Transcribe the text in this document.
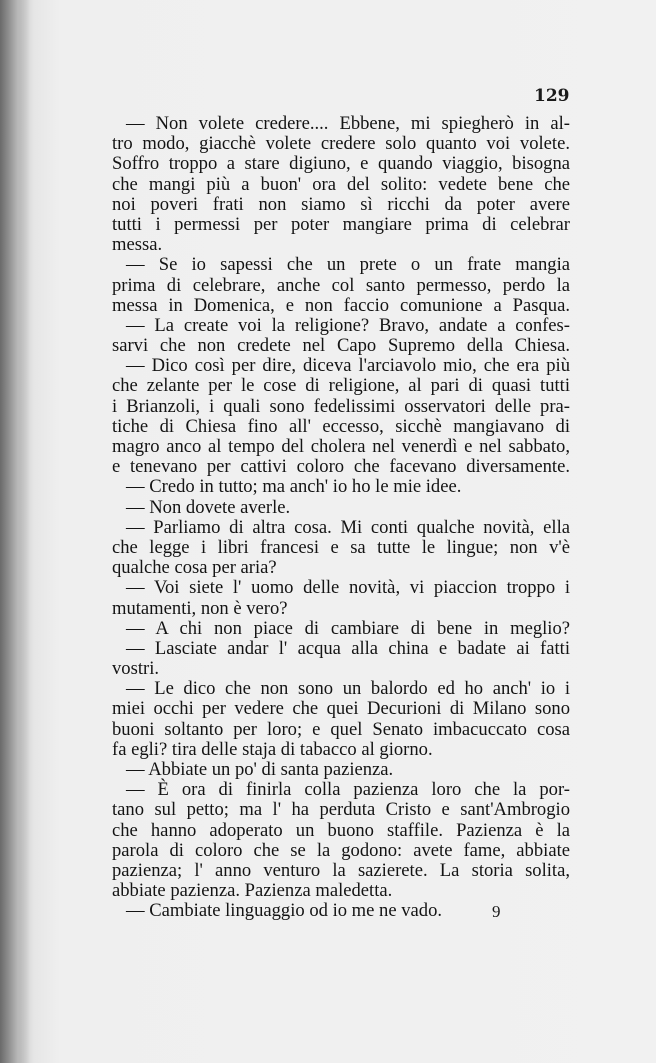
129
— Non volete credere.... Ebbene, mi spiegherò in al-
tro modo, giacchè volete credere solo quanto voi volete.
Soffro troppo a stare digiuno, e quando viaggio, bisogna
che mangi più a buon' ora del solito: vedete bene che
noi poveri frati non siamo sì ricchi da poter avere
tutti i permessi per poter mangiare prima di celebrar
messa.
— Se io sapessi che un prete o un frate mangia
prima di celebrare, anche col santo permesso, perdo la
messa in Domenica, e non faccio comunione a Pasqua.
— La create voi la religione? Bravo, andate a confes-
sarvi che non credete nel Capo Supremo della Chiesa.
— Dico così per dire, diceva l'arciavolo mio, che era più
che zelante per le cose di religione, al pari di quasi tutti
i Brianzoli, i quali sono fedelissimi osservatori delle pra-
tiche di Chiesa fino all' eccesso, sicchè mangiavano di
magro anco al tempo del cholera nel venerdì e nel sabbato,
e tenevano per cattivi coloro che facevano diversamente.
— Credo in tutto; ma anch' io ho le mie idee.
— Non dovete averle.
— Parliamo di altra cosa. Mi conti qualche novità, ella
che legge i libri francesi e sa tutte le lingue; non v'è
qualche cosa per aria?
— Voi siete l' uomo delle novità, vi piaccion troppo i
mutamenti, non è vero?
— A chi non piace di cambiare di bene in meglio?
— Lasciate andar l' acqua alla china e badate ai fatti
vostri.
— Le dico che non sono un balordo ed ho anch' io i
miei occhi per vedere che quei Decurioni di Milano sono
buoni soltanto per loro; e quel Senato imbacuccato cosa
fa egli? tira delle staja di tabacco al giorno.
— Abbiate un po' di santa pazienza.
— È ora di finirla colla pazienza loro che la por-
tano sul petto; ma l' ha perduta Cristo e sant'Ambrogio
che hanno adoperato un buono staffile. Pazienza è la
parola di coloro che se la godono: avete fame, abbiate
pazienza; l' anno venturo la sazierete. La storia solita,
abbiate pazienza. Pazienza maledetta.
— Cambiate linguaggio od io me ne vado.	9
